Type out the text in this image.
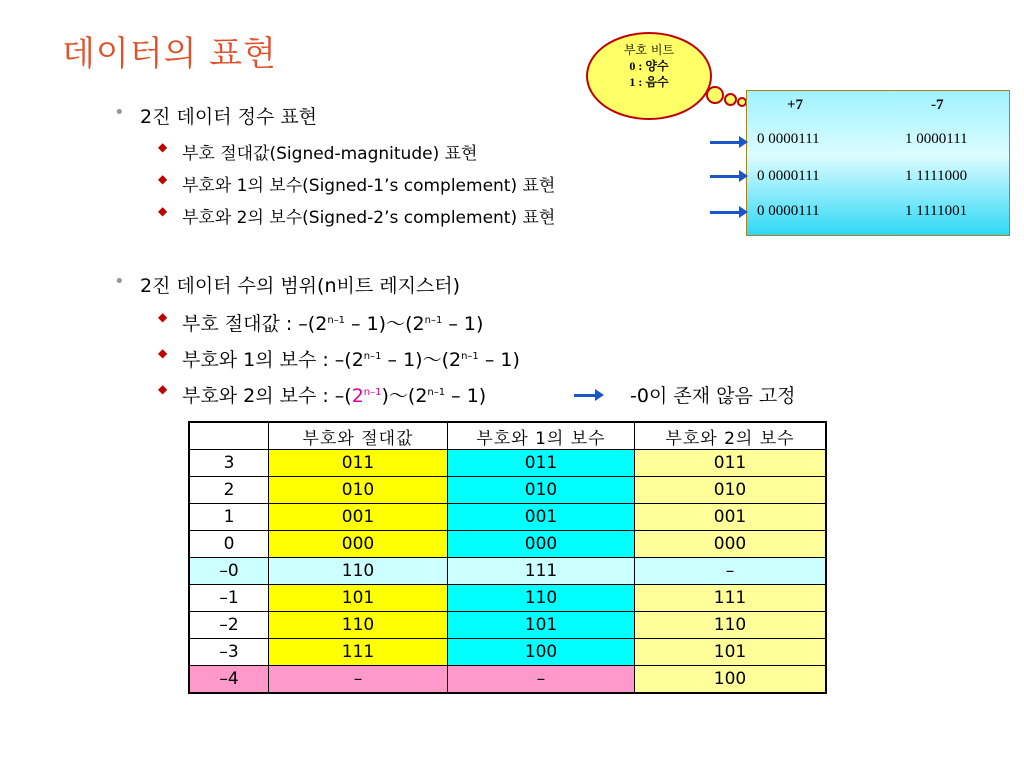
데이터의 표현
• 2진 데이터 정수 표현
◆ 부호 절대값(Signed-magnitude) 표현
◆ 부호와 1의 보수(Signed-1’s complement) 표현
◆ 부호와 2의 보수(Signed-2’s complement) 표현
• 2진 데이터 수의 범위(n비트 레지스터)
◆ 부호 절대값 : –(2$^{n-1}$ – 1)～(2$^{n-1}$ – 1)
◆ 부호와 1의 보수 : –(2$^{n-1}$ – 1)～(2$^{n-1}$ – 1)
◆ 부호와 2의 보수 : –(2$^{n-1}$)～(2$^{n-1}$ – 1)	-0이 존재 않음 고정
부호 비트
0 : 양수
1 : 음수
+7	-7
0 0000111	1 0000111
0 0000111	1 1111000
0 0000111	1 1111001
	부호와 절대값	부호와 1의 보수	부호와 2의 보수
3	011	011	011
2	010	010	010
1	001	001	001
0	000	000	000
–0	110	111	–
–1	101	110	111
–2	110	101	110
–3	111	100	101
–4	–	–	100
